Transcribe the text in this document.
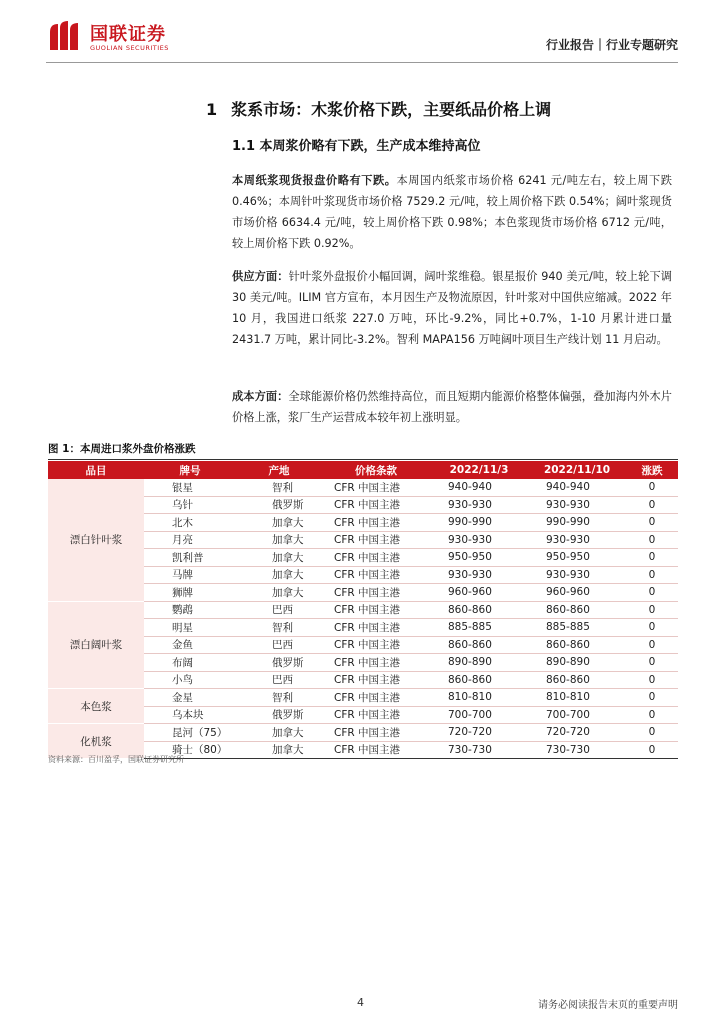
国联证券
GUOLIAN SECURITIES	行业报告｜行业专题研究
1 浆系市场：木浆价格下跌，主要纸品价格上调
1.1 本周浆价略有下跌，生产成本维持高位
本周纸浆现货报盘价略有下跌。本周国内纸浆市场价格 6241 元/吨左右，较上周下跌 0.46%；本周针叶浆现货市场价格 7529.2 元/吨，较上周价格下跌 0.54%；阔叶浆现货市场价格 6634.4 元/吨，较上周价格下跌 0.98%；本色浆现货市场价格 6712 元/吨，较上周价格下跌 0.92%。
供应方面：针叶浆外盘报价小幅回调，阔叶浆维稳。银星报价 940 美元/吨，较上轮下调 30 美元/吨。ILIM 官方宣布，本月因生产及物流原因，针叶浆对中国供应缩减。2022 年 10 月，我国进口纸浆 227.0 万吨，环比-9.2%，同比+0.7%，1-10 月累计进口量 2431.7 万吨，累计同比-3.2%。智利 MAPA156 万吨阔叶项目生产线计划 11 月启动。
成本方面：全球能源价格仍然维持高位，而且短期内能源价格整体偏强，叠加海内外木片价格上涨，浆厂生产运营成本较年初上涨明显。
图 1：本周进口浆外盘价格涨跌
品目	牌号	产地	价格条款	2022/11/3	2022/11/10	涨跌
漂白针叶浆	银星	智利	CFR 中国主港	940-940	940-940	0
	乌针	俄罗斯	CFR 中国主港	930-930	930-930	0
	北木	加拿大	CFR 中国主港	990-990	990-990	0
	月亮	加拿大	CFR 中国主港	930-930	930-930	0
	凯利普	加拿大	CFR 中国主港	950-950	950-950	0
	马牌	加拿大	CFR 中国主港	930-930	930-930	0
	狮牌	加拿大	CFR 中国主港	960-960	960-960	0
漂白阔叶浆	鹦鹉	巴西	CFR 中国主港	860-860	860-860	0
	明星	智利	CFR 中国主港	885-885	885-885	0
	金鱼	巴西	CFR 中国主港	860-860	860-860	0
	布阔	俄罗斯	CFR 中国主港	890-890	890-890	0
	小鸟	巴西	CFR 中国主港	860-860	860-860	0
本色浆	金星	智利	CFR 中国主港	810-810	810-810	0
	乌本块	俄罗斯	CFR 中国主港	700-700	700-700	0
化机浆	昆河（75）	加拿大	CFR 中国主港	720-720	720-720	0
	骑士（80）	加拿大	CFR 中国主港	730-730	730-730	0
资料来源：百川盈孚，国联证券研究所
4	请务必阅读报告末页的重要声明
